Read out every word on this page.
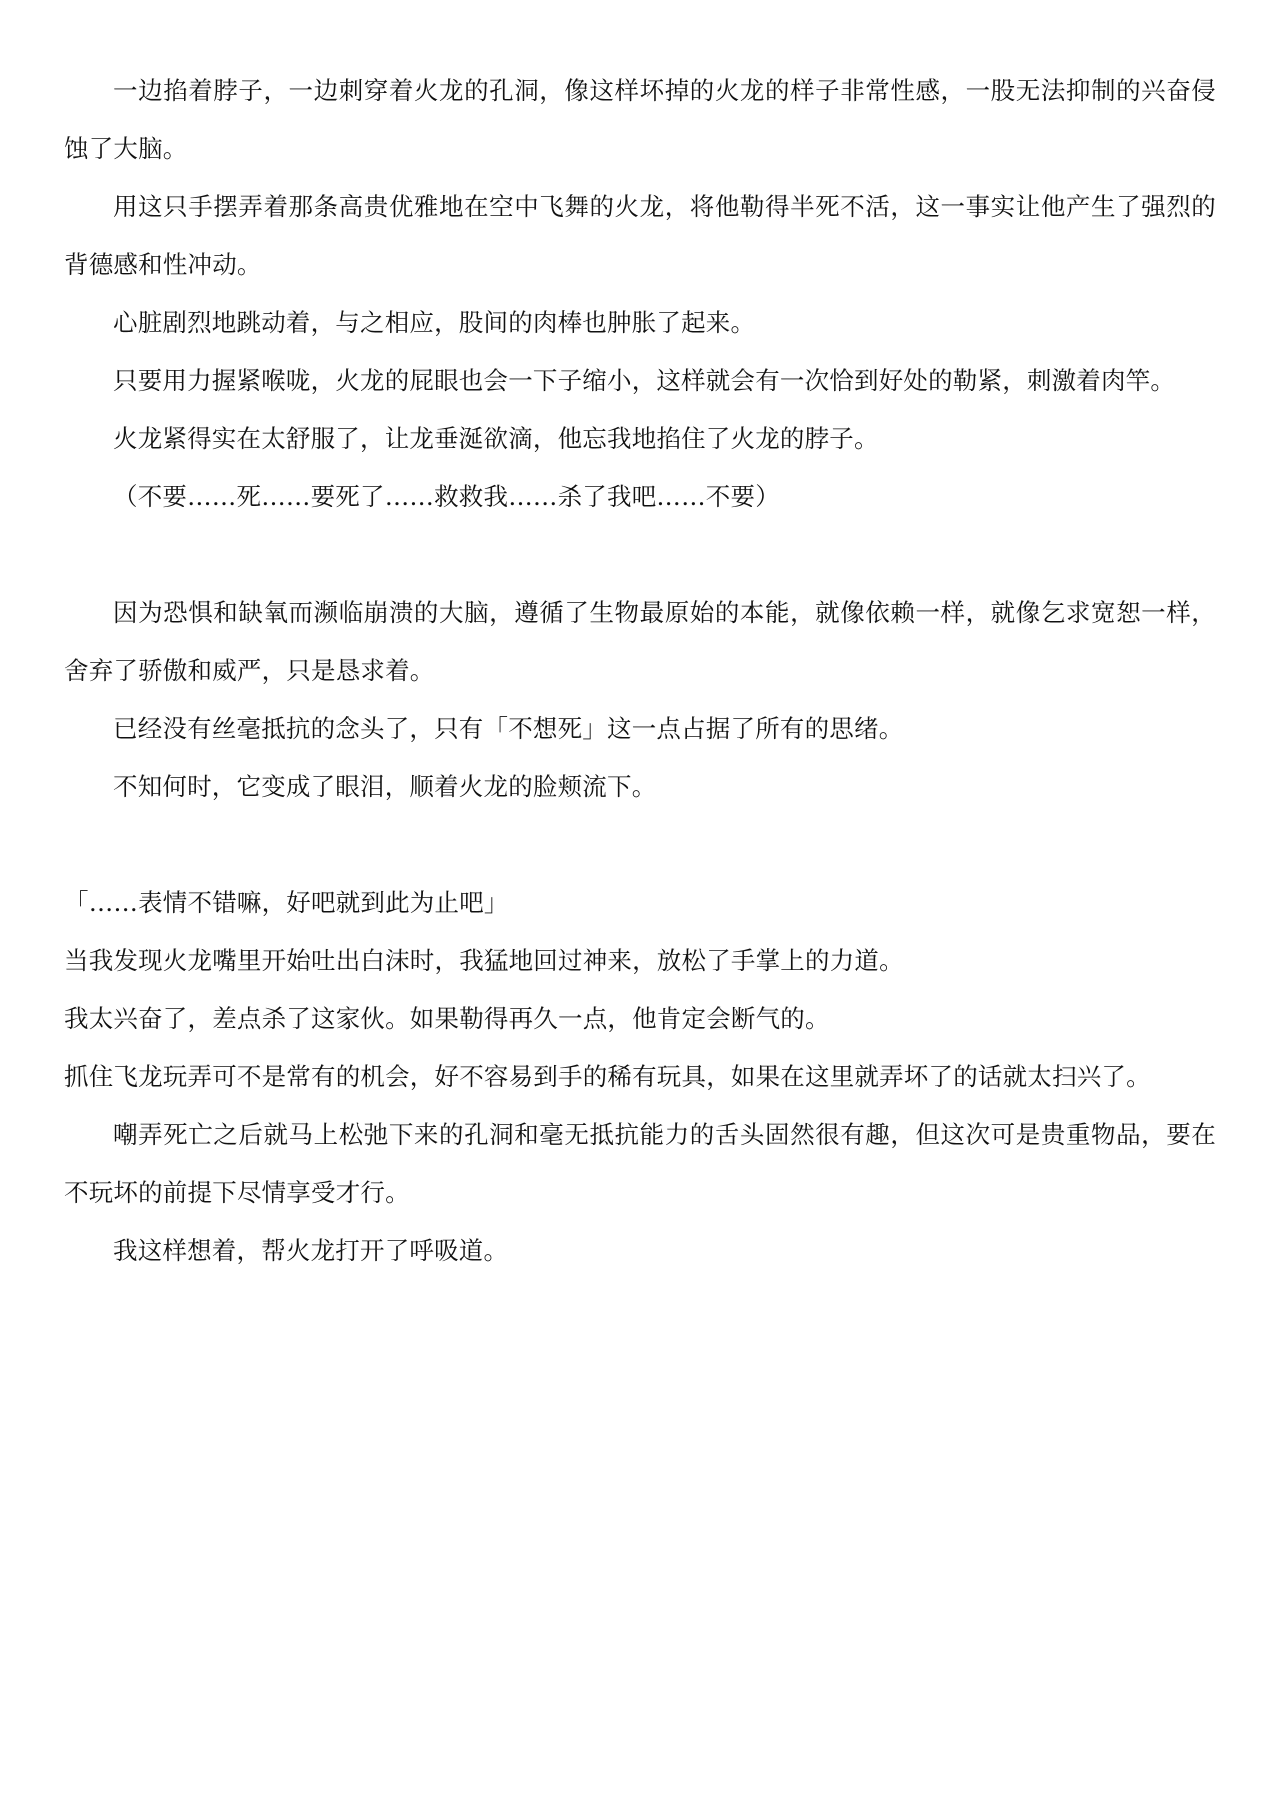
一边掐着脖子，一边刺穿着火龙的孔洞，像这样坏掉的火龙的样子非常性感，一股无法抑制的兴奋侵蚀了大脑。

用这只手摆弄着那条高贵优雅地在空中飞舞的火龙，将他勒得半死不活，这一事实让他产生了强烈的背德感和性冲动。

心脏剧烈地跳动着，与之相应，股间的肉棒也肿胀了起来。

只要用力握紧喉咙，火龙的屁眼也会一下子缩小，这样就会有一次恰到好处的勒紧，刺激着肉竿。

火龙紧得实在太舒服了，让龙垂涎欲滴，他忘我地掐住了火龙的脖子。

（不要……死……要死了……救救我……杀了我吧……不要）

因为恐惧和缺氧而濒临崩溃的大脑，遵循了生物最原始的本能，就像依赖一样，就像乞求宽恕一样，舍弃了骄傲和威严，只是恳求着。

已经没有丝毫抵抗的念头了，只有「不想死」这一点占据了所有的思绪。

不知何时，它变成了眼泪，顺着火龙的脸颊流下。

「……表情不错嘛，好吧就到此为止吧」

当我发现火龙嘴里开始吐出白沫时，我猛地回过神来，放松了手掌上的力道。

我太兴奋了，差点杀了这家伙。如果勒得再久一点，他肯定会断气的。

抓住飞龙玩弄可不是常有的机会，好不容易到手的稀有玩具，如果在这里就弄坏了的话就太扫兴了。

嘲弄死亡之后就马上松弛下来的孔洞和毫无抵抗能力的舌头固然很有趣，但这次可是贵重物品，要在不玩坏的前提下尽情享受才行。

我这样想着，帮火龙打开了呼吸道。
